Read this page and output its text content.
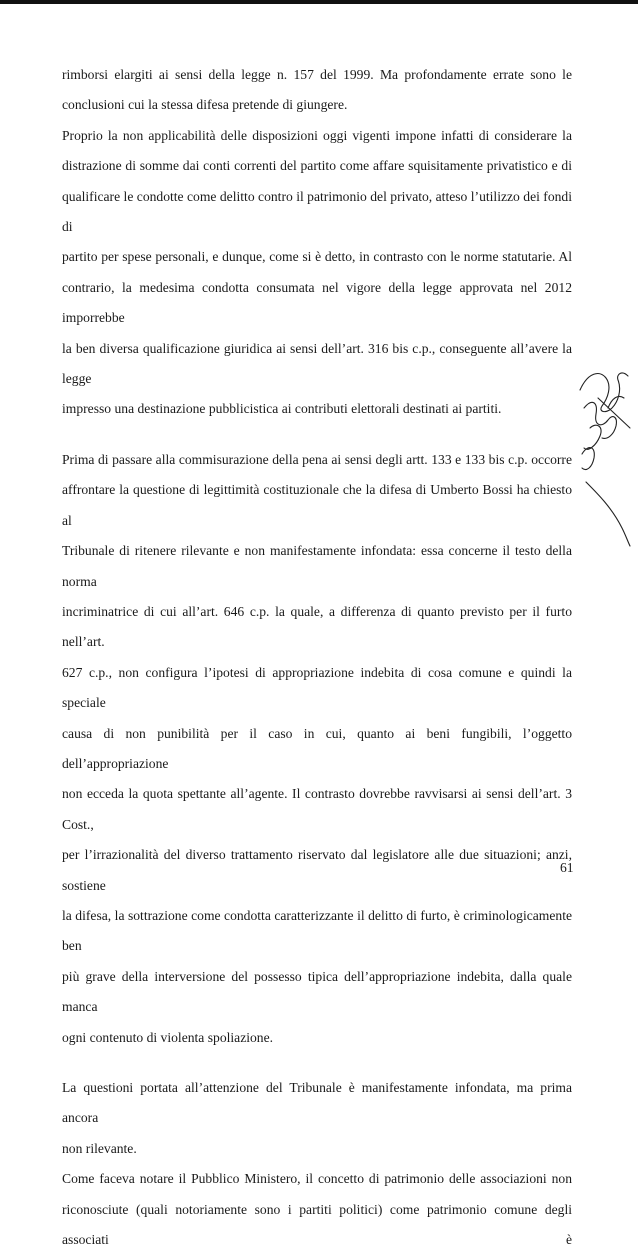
rimborsi elargiti ai sensi della legge n. 157 del 1999. Ma profondamente errate sono le
conclusioni cui la stessa difesa pretende di giungere.

Proprio la non applicabilità delle disposizioni oggi vigenti impone infatti di considerare la
distrazione di somme dai conti correnti del partito come affare squisitamente privatistico e di
qualificare le condotte come delitto contro il patrimonio del privato, atteso l’utilizzo dei fondi di
partito per spese personali, e dunque, come si è detto, in contrasto con le norme statutarie. Al
contrario, la medesima condotta consumata nel vigore della legge approvata nel 2012 imporrebbe
la ben diversa qualificazione giuridica ai sensi dell’art. 316 bis c.p., conseguente all’avere la legge
impresso una destinazione pubblicistica ai contributi elettorali destinati ai partiti.

Prima di passare alla commisurazione della pena ai sensi degli artt. 133 e 133 bis c.p. occorre
affrontare la questione di legittimità costituzionale che la difesa di Umberto Bossi ha chiesto al
Tribunale di ritenere rilevante e non manifestamente infondata: essa concerne il testo della norma
incriminatrice di cui all’art. 646 c.p. la quale, a differenza di quanto previsto per il furto nell’art.
627 c.p., non configura l’ipotesi di appropriazione indebita di cosa comune e quindi la speciale
causa di non punibilità per il caso in cui, quanto ai beni fungibili, l’oggetto dell’appropriazione
non ecceda la quota spettante all’agente. Il contrasto dovrebbe ravvisarsi ai sensi dell’art. 3 Cost.,
per l’irrazionalità del diverso trattamento riservato dal legislatore alle due situazioni; anzi, sostiene
la difesa, la sottrazione come condotta caratterizzante il delitto di furto, è criminologicamente ben
più grave della interversione del possesso tipica dell’appropriazione indebita, dalla quale manca
ogni contenuto di violenta spoliazione.

La questioni portata all’attenzione del Tribunale è manifestamente infondata, ma prima ancora
non rilevante.

Come faceva notare il Pubblico Ministero, il concetto di patrimonio delle associazioni non
riconosciute (quali notoriamente sono i partiti politici) come patrimonio comune degli associati è

61
